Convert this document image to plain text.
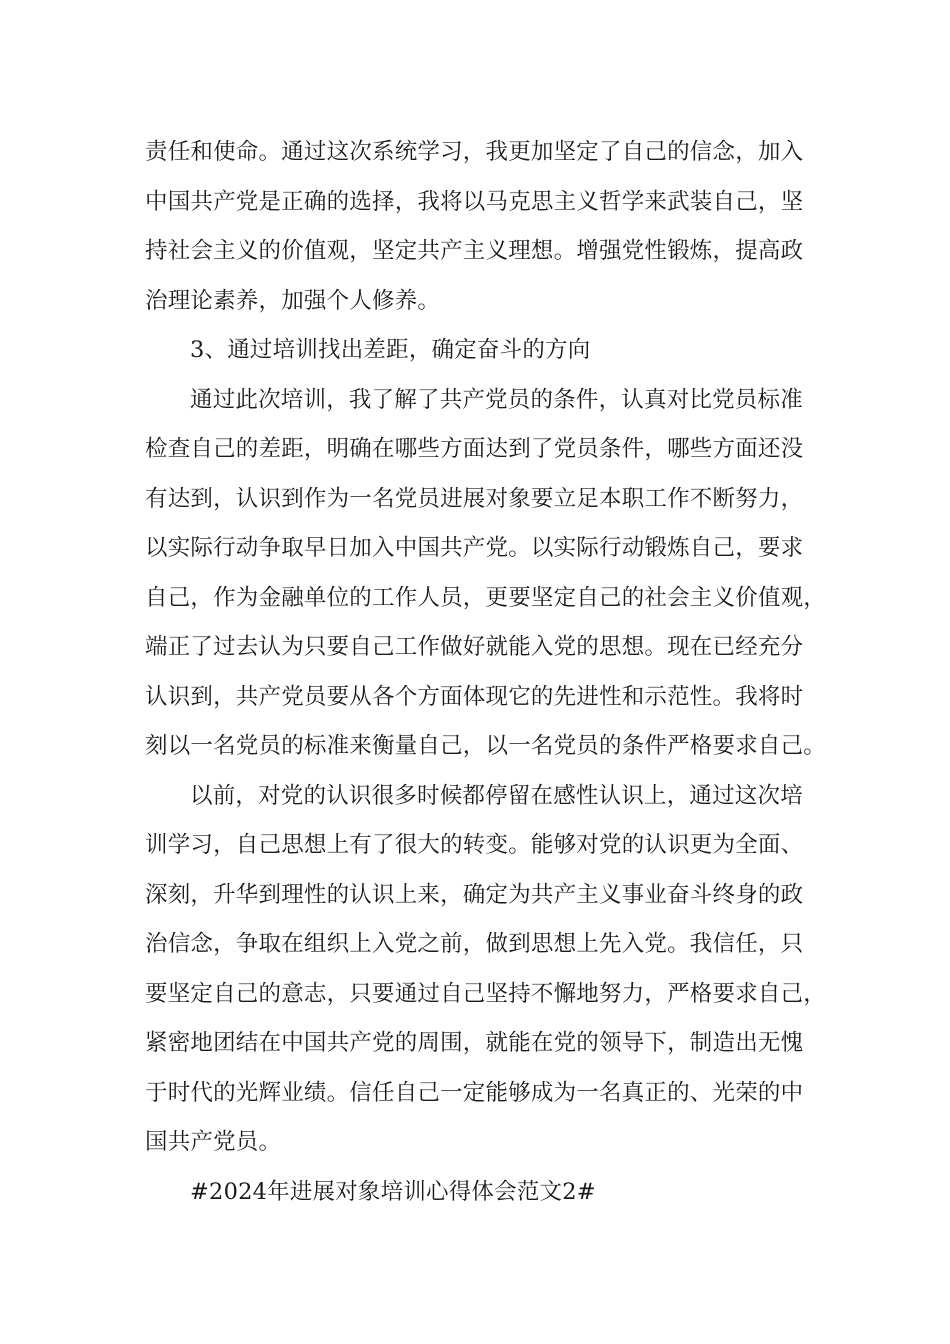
责任和使命。通过这次系统学习，我更加坚定了自己的信念，加入
中国共产党是正确的选择，我将以马克思主义哲学来武装自己，坚
持社会主义的价值观，坚定共产主义理想。增强党性锻炼，提高政
治理论素养，加强个人修养。
3、通过培训找出差距，确定奋斗的方向
通过此次培训，我了解了共产党员的条件，认真对比党员标准
检查自己的差距，明确在哪些方面达到了党员条件，哪些方面还没
有达到，认识到作为一名党员进展对象要立足本职工作不断努力，
以实际行动争取早日加入中国共产党。以实际行动锻炼自己，要求
自己，作为金融单位的工作人员，更要坚定自己的社会主义价值观，
端正了过去认为只要自己工作做好就能入党的思想。现在已经充分
认识到，共产党员要从各个方面体现它的先进性和示范性。我将时
刻以一名党员的标准来衡量自己，以一名党员的条件严格要求自己。
以前，对党的认识很多时候都停留在感性认识上，通过这次培
训学习，自己思想上有了很大的转变。能够对党的认识更为全面、
深刻，升华到理性的认识上来，确定为共产主义事业奋斗终身的政
治信念，争取在组织上入党之前，做到思想上先入党。我信任，只
要坚定自己的意志，只要通过自己坚持不懈地努力，严格要求自己，
紧密地团结在中国共产党的周围，就能在党的领导下，制造出无愧
于时代的光辉业绩。信任自己一定能够成为一名真正的、光荣的中
国共产党员。
#2024年进展对象培训心得体会范文2#
